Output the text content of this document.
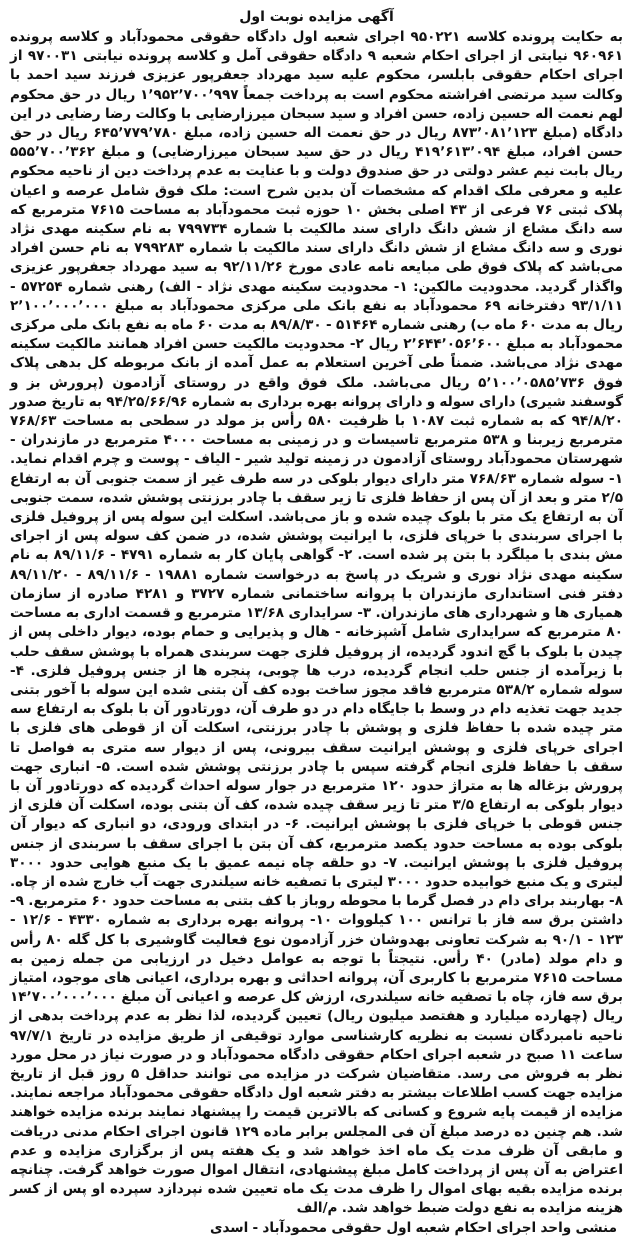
آگهی مزایده نوبت اول

به حکایت پرونده کلاسه ۹۵۰۲۲۱ اجرای شعبه اول دادگاه حقوقی محمودآباد و کلاسه پرونده ۹۶۰۹۶۱ نیابتی از اجرای احکام شعبه ۹ دادگاه حقوقی آمل و کلاسه پرونده نیابتی ۹۷۰۰۳۱ از اجرای احکام حقوقی بابلسر، محکوم علیه سید مهرداد جعفرپور عزیزی فرزند سید احمد با وکالت سید مرتضی افراشته محکوم است به پرداخت جمعاً ۱٬۹۵۲٬۷۰۰٬۹۹۷ ریال در حق محکوم لهم نعمت اله حسین زاده، حسن افراد و سید سبحان میرزارضایی با وکالت رضا رضایی در این دادگاه (مبلغ ۸۷۳٬۰۸۱٬۱۲۳ ریال در حق نعمت اله حسین زاده، مبلغ ۶۴۵٬۷۷۹٬۷۸۰ ریال در حق حسن افراد، مبلغ ۴۱۹٬۶۱۳٬۰۹۴ ریال در حق سید سبحان میرزارضایی) و مبلغ ۵۵۵٬۷۰۰٬۳۶۲ ریال بابت نیم عشر دولتی در حق صندوق دولت و با عنایت به عدم پرداخت دین از ناحیه محکوم علیه و معرفی ملک اقدام که مشخصات آن بدین شرح است: ملک فوق شامل عرصه و اعیان پلاک ثبتی ۷۶ فرعی از ۴۳ اصلی بخش ۱۰ حوزه ثبت محمودآباد به مساحت ۷۶۱۵ مترمربع که سه دانگ مشاع از شش دانگ دارای سند مالکیت با شماره ۷۹۹۷۳۴ به نام سکینه مهدی نژاد نوری و سه دانگ مشاع از شش دانگ دارای سند مالکیت با شماره ۷۹۹۲۸۳ به نام حسن افراد می‌باشد که پلاک فوق طی مبایعه نامه عادی مورخ ۹۲/۱۱/۲۶ به سید مهرداد جعفرپور عزیزی واگذار گردید. محدودیت مالکین: ۱- محدودیت سکینه مهدی نژاد - الف) رهنی شماره ۵۷۲۵۴ - ۹۳/۱/۱۱ دفترخانه ۶۹ محمودآباد به نفع بانک ملی مرکزی محمودآباد به مبلغ ۲٬۱۰۰٬۰۰۰٬۰۰۰ ریال به مدت ۶۰ ماه ب) رهنی شماره ۵۱۴۶۴ - ۸۹/۸/۳۰ به مدت ۶۰ ماه به نفع بانک ملی مرکزی محمودآباد به مبلغ ۲٬۶۴۴٬۰۵۶٬۶۰۰ ریال ۲- محدودیت مالکیت حسن افراد همانند مالکیت سکینه مهدی نژاد می‌باشد. ضمناً طی آخرین استعلام به عمل آمده از بانک مربوطه کل بدهی پلاک فوق ۵٬۱۰۰٬۰۵۸۵٬۷۳۶ ریال می‌باشد. ملک فوق واقع در روستای آزادمون (پرورش بز و گوسفند شیری) دارای سوله و دارای پروانه بهره برداری به شماره ۹۴/۲۵/۶۶/۹۶ به تاریخ صدور ۹۴/۸/۲۰ که به شماره ثبت ۱۰۸۷ با ظرفیت ۵۸۰ رأس بز مولد در سطحی به مساحت ۷۶۸/۶۳ مترمربع زیربنا و ۵۳۸ مترمربع تاسیسات و در زمینی به مساحت ۴۰۰۰ مترمربع در مازندران - شهرستان محمودآباد روستای آزادمون در زمینه تولید شیر - الیاف - پوست و چرم اقدام نماید. ۱- سوله شماره ۷۶۸/۶۳ متر دارای دیوار بلوکی در سه طرف غیر از سمت جنوبی آن به ارتفاع ۲/۵ متر و بعد از آن پس از حفاظ فلزی تا زیر سقف با چادر برزنتی پوشش شده، سمت جنوبی آن به ارتفاع یک متر با بلوک چیده شده و باز می‌باشد. اسکلت این سوله پس از پروفیل فلزی با اجرای سربندی با خرپای فلزی، با ایرانیت پوشش شده، در ضمن کف سوله پس از اجرای مش بندی با میلگرد با بتن پر شده است. ۲- گواهی پایان کار به شماره ۴۷۹۱ - ۸۹/۱۱/۶ به نام سکینه مهدی نژاد نوری و شریک در پاسخ به درخواست شماره ۱۹۸۸۱ - ۸۹/۱۱/۶ - ۸۹/۱۱/۲۰ دفتر فنی استانداری مازندران با پروانه ساختمانی شماره ۳۷۲۷ و ۴۲۸۱ صادره از سازمان همیاری ها و شهرداری های مازندران. ۳- سرایداری ۱۳/۶۸ مترمربع و قسمت اداری به مساحت ۸۰ مترمربع که سرایداری شامل آشپزخانه - هال و پذیرایی و حمام بوده، دیوار داخلی پس از چیدن با بلوک با گچ اندود گردیده، از پروفیل فلزی جهت سربندی همراه با پوشش سقف حلب با زیرآمده از جنس حلب انجام گردیده، درب ها چوبی، پنجره ها از جنس پروفیل فلزی. ۴- سوله شماره ۵۳۸/۲ مترمربع فاقد مجوز ساخت بوده کف آن بتنی شده این سوله با آخور بتنی جدید جهت تغذیه دام در وسط با جایگاه دام در دو طرف آن، دورتادور آن با بلوک به ارتفاع سه متر چیده شده با حفاظ فلزی و پوشش با چادر برزنتی، اسکلت آن از قوطی های فلزی با اجرای خرپای فلزی و پوشش ایرانیت سقف بیرونی، پس از دیوار سه متری به فواصل تا سقف با حفاظ فلزی انجام گرفته سپس با چادر برزنتی پوشش شده است. ۵- انباری جهت پرورش بزغاله ها به متراژ حدود ۱۲۰ مترمربع در جوار سوله احداث گردیده که دورتادور آن با دیوار بلوکی به ارتفاع ۳/۵ متر تا زیر سقف چیده شده، کف آن بتنی بوده، اسکلت آن فلزی از جنس قوطی با خرپای فلزی با پوشش ایرانیت. ۶- در ابتدای ورودی، دو انباری که دیوار آن بلوکی بوده به مساحت حدود یکصد مترمربع، کف آن بتن با اجرای سقف با سربندی از جنس پروفیل فلزی با پوشش ایرانیت. ۷- دو حلقه چاه نیمه عمیق با یک منبع هوایی حدود ۳۰۰۰ لیتری و یک منبع خوابیده حدود ۳۰۰۰ لیتری با تصفیه خانه سیلندری جهت آب خارج شده از چاه. ۸- بهاربند برای دام در فصل گرما با محوطه روباز با کف بتنی به مساحت حدود ۶۰ مترمربع. ۹- داشتن برق سه فاز با ترانس ۱۰۰ کیلووات ۱۰- پروانه بهره برداری به شماره ۴۳۳۰ - ۱۲/۶ - ۱۲۳ - ۹۰/۱ به شرکت تعاونی بهدوشان خزر آزادمون نوع فعالیت گاوشیری با کل گله ۸۰ رأس و دام مولد (مادر) ۴۰ رأس. نتیجتاً با توجه به عوامل دخیل در ارزیابی من جمله زمین به مساحت ۷۶۱۵ مترمربع با کاربری آن، پروانه احداثی و بهره برداری، اعیانی های موجود، امتیاز برق سه فاز، چاه با تصفیه خانه سیلندری، ارزش کل عرصه و اعیانی آن مبلغ ۱۴٬۷۰۰٬۰۰۰٬۰۰۰ ریال (چهارده میلیارد و هفتصد میلیون ریال) تعیین گردیده، لذا نظر به عدم پرداخت بدهی از ناحیه نامبردگان نسبت به نظریه کارشناسی موارد توقیفی از طریق مزایده در تاریخ ۹۷/۷/۱ ساعت ۱۱ صبح در شعبه اجرای احکام حقوقی دادگاه محمودآباد و در صورت نیاز در محل مورد نظر به فروش می رسد. متقاضیان شرکت در مزایده می توانند حداقل ۵ روز قبل از تاریخ مزایده جهت کسب اطلاعات بیشتر به دفتر شعبه اول دادگاه حقوقی محمودآباد مراجعه نمایند. مزایده از قیمت پایه شروع و کسانی که بالاترین قیمت را پیشنهاد نمایند برنده مزایده خواهند شد. هم چنین ده درصد مبلغ آن فی المجلس برابر ماده ۱۲۹ قانون اجرای احکام مدنی دریافت و مابقی آن ظرف مدت یک ماه اخذ خواهد شد و یک هفته پس از برگزاری مزایده و عدم اعتراض به آن پس از پرداخت کامل مبلغ پیشنهادی، انتقال اموال صورت خواهد گرفت. چنانچه برنده مزایده بقیه بهای اموال را ظرف مدت یک ماه تعیین شده نپردازد سپرده او پس از کسر هزینه مزایده به نفع دولت ضبط خواهد شد. م/الف

منشی واحد اجرای احکام شعبه اول حقوقی محمودآباد - اسدی
